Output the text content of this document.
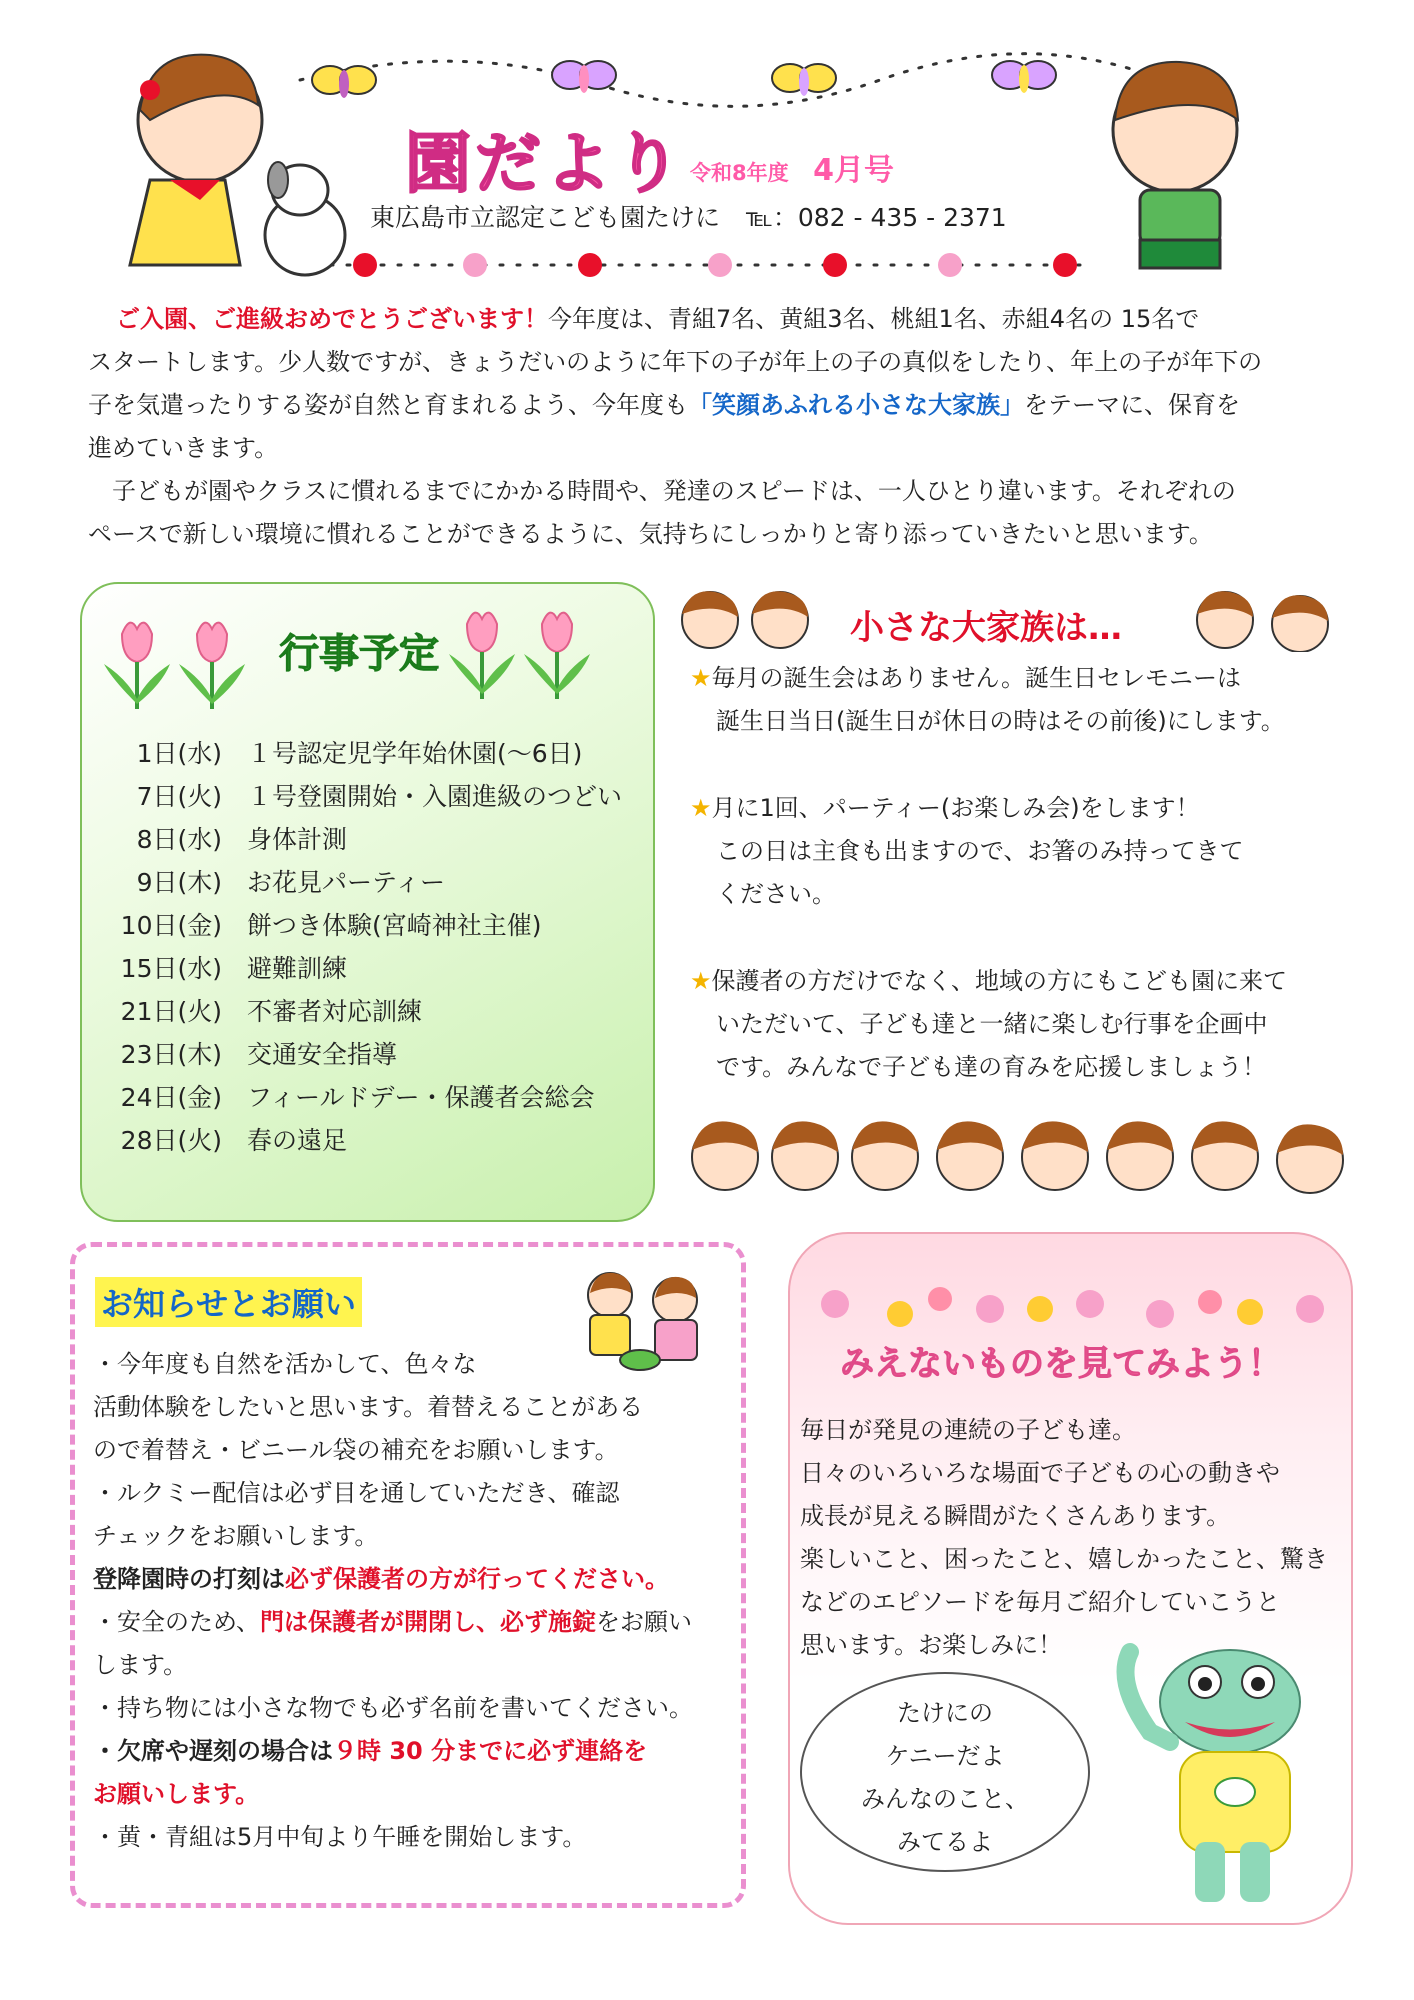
園だより 令和8年度 4月号
東広島市立認定こども園たけに ℡：082 - 435 - 2371
ご入園、ご進級おめでとうございます！今年度は、青組7名、黄組3名、桃組1名、赤組4名の 15名で
スタートします。少人数ですが、きょうだいのように年下の子が年上の子の真似をしたり、年上の子が年下の
子を気遣ったりする姿が自然と育まれるよう、今年度も「笑顔あふれる小さな大家族」をテーマに、保育を
進めていきます。
　子どもが園やクラスに慣れるまでにかかる時間や、発達のスピードは、一人ひとり違います。それぞれの
ペースで新しい環境に慣れることができるように、気持ちにしっかりと寄り添っていきたいと思います。
行事予定
1日(水)　 １号認定児学年始休園(～6日)
7日(火)　 １号登園開始・入園進級のつどい
8日(水)　 身体計測
9日(木)　 お花見パーティー
10日(金)　 餅つき体験(宮崎神社主催)
15日(水)　 避難訓練
21日(火)　 不審者対応訓練
23日(木)　 交通安全指導
24日(金)　 フィールドデー・保護者会総会
28日(火)　 春の遠足
小さな大家族は…
★毎月の誕生会はありません。誕生日セレモニーは
誕生日当日(誕生日が休日の時はその前後)にします。
★月に1回、パーティー(お楽しみ会)をします！
この日は主食も出ますので、お箸のみ持ってきて
ください。
★保護者の方だけでなく、地域の方にもこども園に来て
いただいて、子ども達と一緒に楽しむ行事を企画中
です。みんなで子ども達の育みを応援しましょう！
お知らせとお願い
・今年度も自然を活かして、色々な
活動体験をしたいと思います。着替えることがある
ので着替え・ビニール袋の補充をお願いします。
・ルクミー配信は必ず目を通していただき、確認
チェックをお願いします。
登降園時の打刻は必ず保護者の方が行ってください。
・安全のため、門は保護者が開閉し、必ず施錠をお願い
します。
・持ち物には小さな物でも必ず名前を書いてください。
・欠席や遅刻の場合は９時 30 分までに必ず連絡を
お願いします。
・黄・青組は5月中旬より午睡を開始します。
みえないものを見てみよう！
毎日が発見の連続の子ども達。
日々のいろいろな場面で子どもの心の動きや
成長が見える瞬間がたくさんあります。
楽しいこと、困ったこと、嬉しかったこと、驚き
などのエピソードを毎月ご紹介していこうと
思います。お楽しみに！
たけにの
ケニーだよ
みんなのこと、
みてるよ
